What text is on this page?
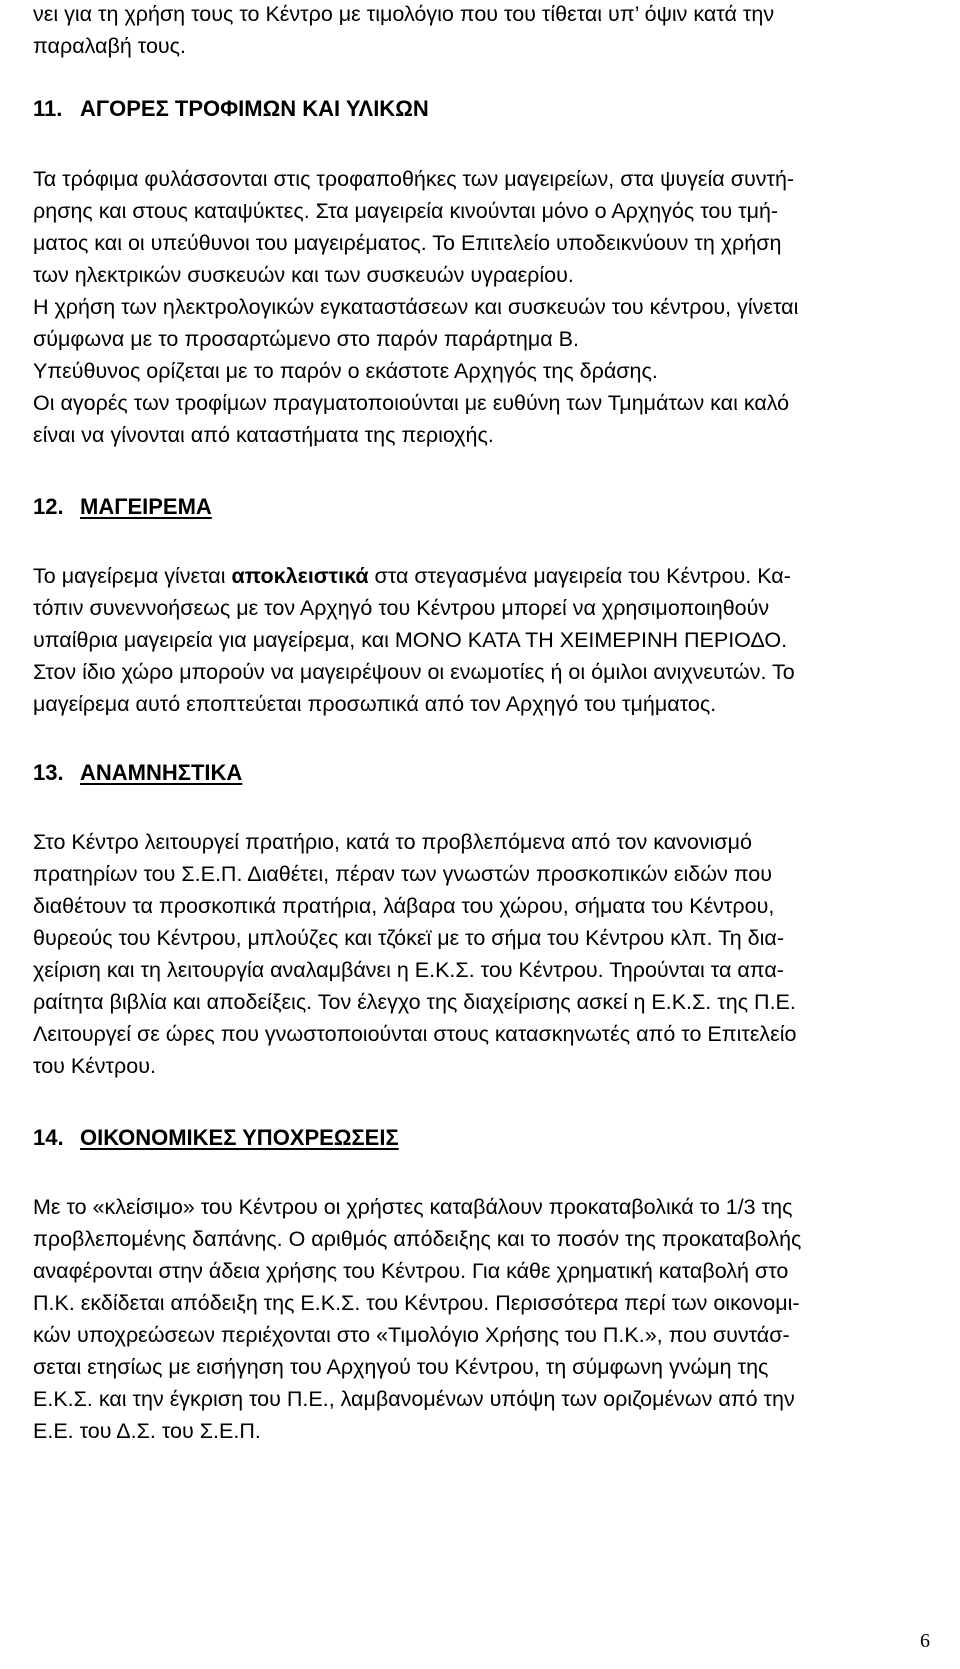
νει για τη χρήση τους το Κέντρο με τιμολόγιο που του τίθεται υπ’ όψιν κατά την

παραλαβή τους.

11. ΑΓΟΡΕΣ ΤΡΟΦΙΜΩΝ ΚΑΙ ΥΛΙΚΩΝ

Τα τρόφιμα φυλάσσονται στις τροφαποθήκες των μαγειρείων, στα ψυγεία συντή-

ρησης και στους καταψύκτες. Στα μαγειρεία κινούνται μόνο ο Αρχηγός του τμή-

ματος και οι υπεύθυνοι του μαγειρέματος. Το Επιτελείο υποδεικνύουν τη χρήση

των ηλεκτρικών συσκευών και των συσκευών υγραερίου.

Η χρήση των ηλεκτρολογικών εγκαταστάσεων και συσκευών του κέντρου, γίνεται

σύμφωνα με το προσαρτώμενο στο παρόν παράρτημα Β.

Υπεύθυνος ορίζεται με το παρόν ο εκάστοτε Αρχηγός της δράσης.

Οι αγορές των τροφίμων πραγματοποιούνται με ευθύνη των Τμημάτων και καλό

είναι να γίνονται από καταστήματα της περιοχής.

12. ΜΑΓΕΙΡΕΜΑ

Το μαγείρεμα γίνεται αποκλειστικά στα στεγασμένα μαγειρεία του Κέντρου. Κα-

τόπιν συνεννοήσεως με τον Αρχηγό του Κέντρου μπορεί να χρησιμοποιηθούν

υπαίθρια μαγειρεία για μαγείρεμα, και ΜΟΝΟ ΚΑΤΑ ΤΗ ΧΕΙΜΕΡΙΝΗ ΠΕΡΙΟΔΟ.

Στον ίδιο χώρο μπορούν να μαγειρέψουν οι ενωμοτίες ή οι όμιλοι ανιχνευτών. Το

μαγείρεμα αυτό εποπτεύεται προσωπικά από τον Αρχηγό του τμήματος.

13. ΑΝΑΜΝΗΣΤΙΚΑ

Στο Κέντρο λειτουργεί πρατήριο, κατά το προβλεπόμενα από τον κανονισμό

πρατηρίων του Σ.Ε.Π. Διαθέτει, πέραν των γνωστών προσκοπικών ειδών που

διαθέτουν τα προσκοπικά πρατήρια, λάβαρα του χώρου, σήματα του Κέντρου,

θυρεούς του Κέντρου, μπλούζες και τζόκεϊ με το σήμα του Κέντρου κλπ. Τη δια-

χείριση και τη λειτουργία αναλαμβάνει η Ε.Κ.Σ. του Κέντρου. Τηρούνται τα απα-

ραίτητα βιβλία και αποδείξεις. Τον έλεγχο της διαχείρισης ασκεί η Ε.Κ.Σ. της Π.Ε.

Λειτουργεί σε ώρες που γνωστοποιούνται στους κατασκηνωτές από το Επιτελείο

του Κέντρου.

14. ΟΙΚΟΝΟΜΙΚΕΣ ΥΠΟΧΡΕΩΣΕΙΣ

Με το «κλείσιμο» του Κέντρου οι χρήστες καταβάλουν προκαταβολικά το 1/3 της

προβλεπομένης δαπάνης. Ο αριθμός απόδειξης και το ποσόν της προκαταβολής

αναφέρονται στην άδεια χρήσης του Κέντρου. Για κάθε χρηματική καταβολή στο

Π.Κ. εκδίδεται απόδειξη της Ε.Κ.Σ. του Κέντρου. Περισσότερα περί των οικονομι-

κών υποχρεώσεων περιέχονται στο «Τιμολόγιο Χρήσης του Π.Κ.», που συντάσ-

σεται ετησίως με εισήγηση του Αρχηγού του Κέντρου, τη σύμφωνη γνώμη της

Ε.Κ.Σ. και την έγκριση του Π.Ε., λαμβανομένων υπόψη των οριζομένων από την

Ε.Ε. του Δ.Σ. του Σ.Ε.Π.

6
